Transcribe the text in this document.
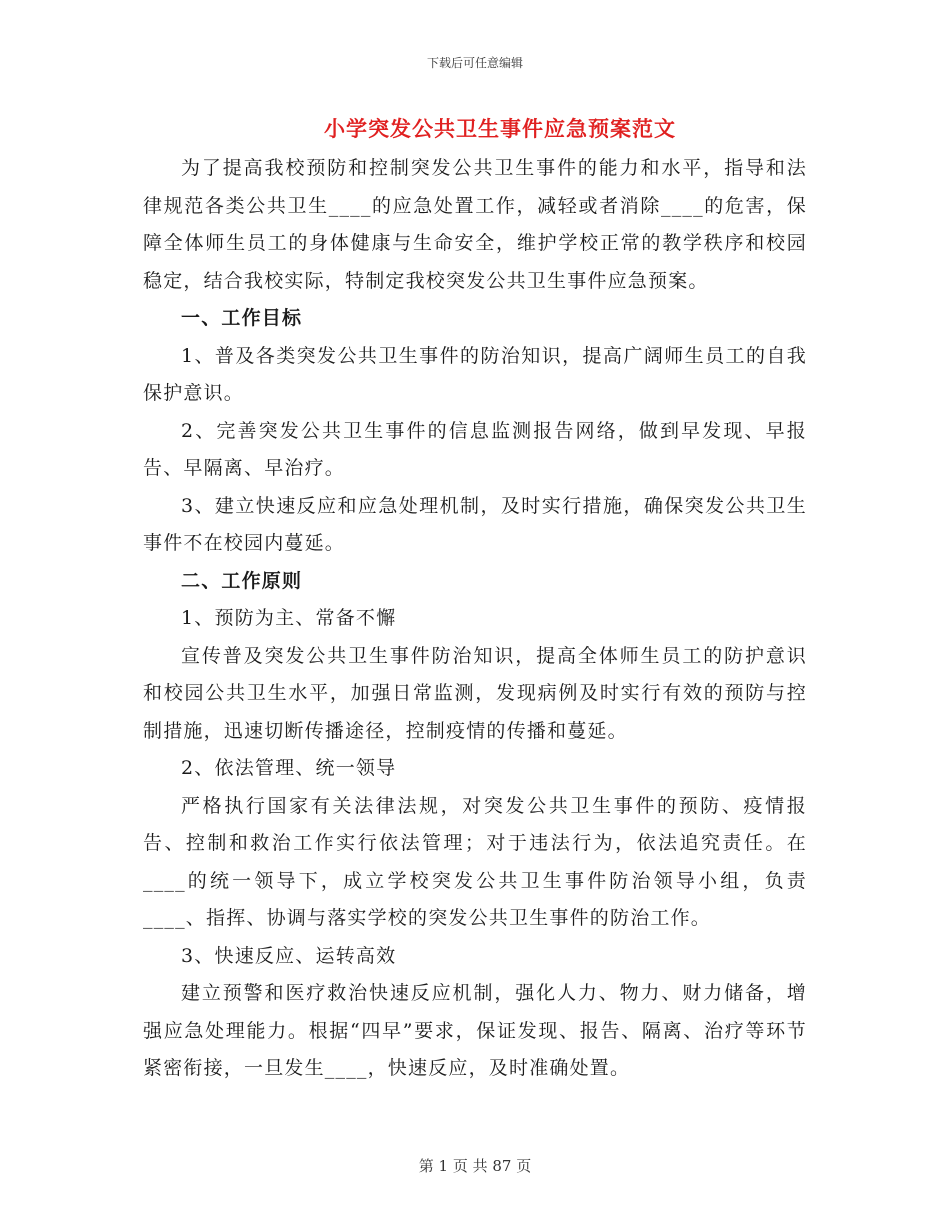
下载后可任意编辑
小学突发公共卫生事件应急预案范文

为了提高我校预防和控制突发公共卫生事件的能力和水平，指导和法律规范各类公共卫生____的应急处置工作，减轻或者消除____的危害，保障全体师生员工的身体健康与生命安全，维护学校正常的教学秩序和校园稳定，结合我校实际，特制定我校突发公共卫生事件应急预案。

一、工作目标

1、普及各类突发公共卫生事件的防治知识，提高广阔师生员工的自我保护意识。

2、完善突发公共卫生事件的信息监测报告网络，做到早发现、早报告、早隔离、早治疗。

3、建立快速反应和应急处理机制，及时实行措施，确保突发公共卫生事件不在校园内蔓延。

二、工作原则

1、预防为主、常备不懈

宣传普及突发公共卫生事件防治知识，提高全体师生员工的防护意识和校园公共卫生水平，加强日常监测，发现病例及时实行有效的预防与控制措施，迅速切断传播途径，控制疫情的传播和蔓延。

2、依法管理、统一领导

严格执行国家有关法律法规，对突发公共卫生事件的预防、疫情报告、控制和救治工作实行依法管理；对于违法行为，依法追究责任。在____的统一领导下，成立学校突发公共卫生事件防治领导小组，负责____、指挥、协调与落实学校的突发公共卫生事件的防治工作。

3、快速反应、运转高效

建立预警和医疗救治快速反应机制，强化人力、物力、财力储备，增强应急处理能力。根据“四早”要求，保证发现、报告、隔离、治疗等环节紧密衔接，一旦发生____，快速反应，及时准确处置。

第 1 页 共 87 页
